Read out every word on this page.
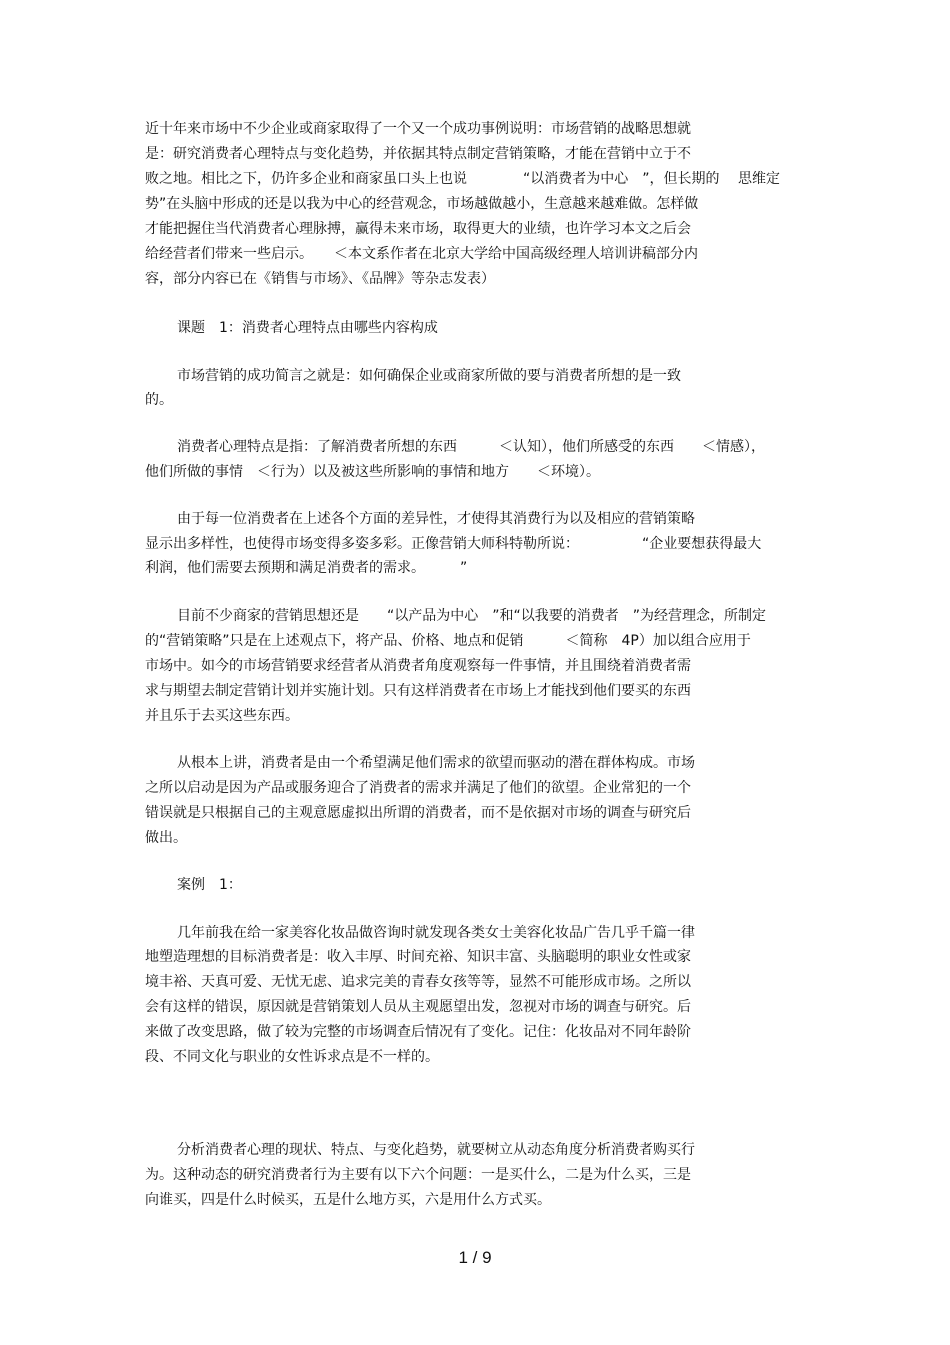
近十年来市场中不少企业或商家取得了一个又一个成功事例说明：市场营销的战略思想就
是：研究消费者心理特点与变化趋势，并依据其特点制定营销策略，才能在营销中立于不
败之地。相比之下，仍许多企业和商家虽口头上也说　　　　“以消费者为中心　”，但长期的　 思维定
势”在头脑中形成的还是以我为中心的经营观念，市场越做越小，生意越来越难做。怎样做
才能把握住当代消费者心理脉搏，赢得未来市场，取得更大的业绩，也许学习本文之后会
给经营者们带来一些启示。　　＜本文系作者在北京大学给中国高级经理人培训讲稿部分内
容，部分内容已在《销售与市场》、《品牌》等杂志发表）
课题　1：消费者心理特点由哪些内容构成
市场营销的成功简言之就是：如何确保企业或商家所做的要与消费者所想的是一致
的。
消费者心理特点是指：了解消费者所想的东西　　　＜认知），他们所感受的东西　　＜情感），
他们所做的事情　＜行为）以及被这些所影响的事情和地方　　＜环境）。
由于每一位消费者在上述各个方面的差异性，才使得其消费行为以及相应的营销策略
显示出多样性，也使得市场变得多姿多彩。正像营销大师科特勒所说：　　　　　“企业要想获得最大
利润，他们需要去预期和满足消费者的需求。　　　”
目前不少商家的营销思想还是　　“以产品为中心　”和“以我要的消费者　”为经营理念，所制定
的“营销策略”只是在上述观点下，将产品、价格、地点和促销　　　＜简称　4P）加以组合应用于
市场中。如今的市场营销要求经营者从消费者角度观察每一件事情，并且围绕着消费者需
求与期望去制定营销计划并实施计划。只有这样消费者在市场上才能找到他们要买的东西
并且乐于去买这些东西。
从根本上讲，消费者是由一个希望满足他们需求的欲望而驱动的潜在群体构成。市场
之所以启动是因为产品或服务迎合了消费者的需求并满足了他们的欲望。企业常犯的一个
错误就是只根据自己的主观意愿虚拟出所谓的消费者，而不是依据对市场的调查与研究后
做出。
案例　1：
几年前我在给一家美容化妆品做咨询时就发现各类女士美容化妆品广告几乎千篇一律
地塑造理想的目标消费者是：收入丰厚、时间充裕、知识丰富、头脑聪明的职业女性或家
境丰裕、天真可爱、无忧无虑、追求完美的青春女孩等等，显然不可能形成市场。之所以
会有这样的错误，原因就是营销策划人员从主观愿望出发，忽视对市场的调查与研究。后
来做了改变思路，做了较为完整的市场调查后情况有了变化。记住：化妆品对不同年龄阶
段、不同文化与职业的女性诉求点是不一样的。
分析消费者心理的现状、特点、与变化趋势，就要树立从动态角度分析消费者购买行
为。这种动态的研究消费者行为主要有以下六个问题：一是买什么，二是为什么买，三是
向谁买，四是什么时候买，五是什么地方买，六是用什么方式买。
1 / 9
